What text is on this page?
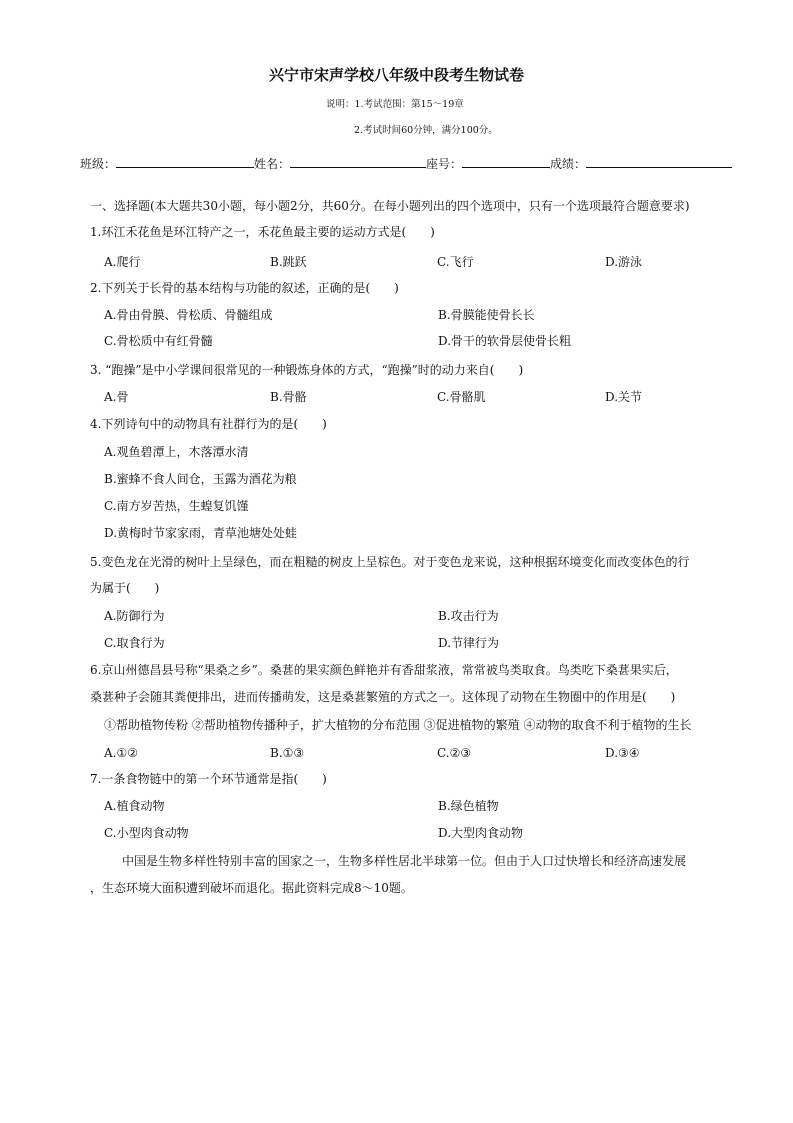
兴宁市宋声学校八年级中段考生物试卷
说明：1.考试范围：第15～19章
2.考试时间60分钟，满分100分。
班级：	姓名：	座号：	成绩：
一、选择题(本大题共30小题，每小题2分，共60分。在每小题列出的四个选项中，只有一个选项最符合题意要求)
1.环江禾花鱼是环江特产之一，禾花鱼最主要的运动方式是(　　)
A.爬行	B.跳跃	C.飞行	D.游泳
2.下列关于长骨的基本结构与功能的叙述，正确的是(　　)
A.骨由骨膜、骨松质、骨髓组成	B.骨膜能使骨长长
C.骨松质中有红骨髓	D.骨干的软骨层使骨长粗
3. “跑操”是中小学课间很常见的一种锻炼身体的方式，“跑操”时的动力来自(　　)
A.骨	B.骨骼	C.骨骼肌	D.关节
4.下列诗句中的动物具有社群行为的是(　　)
A.观鱼碧潭上，木落潭水清
B.蜜蜂不食人间仓，玉露为酒花为粮
C.南方岁苦热，生蝗复饥馑
D.黄梅时节家家雨，青草池塘处处蛙
5.变色龙在光滑的树叶上呈绿色，而在粗糙的树皮上呈棕色。对于变色龙来说，这种根据环境变化而改变体色的行
为属于(　　)
A.防御行为	B.攻击行为
C.取食行为	D.节律行为
6.京山州德昌县号称“果桑之乡”。桑葚的果实颜色鲜艳并有香甜浆液，常常被鸟类取食。鸟类吃下桑葚果实后，
桑葚种子会随其粪便排出，进而传播萌发，这是桑葚繁殖的方式之一。这体现了动物在生物圈中的作用是(　　)
①帮助植物传粉 ②帮助植物传播种子，扩大植物的分布范围 ③促进植物的繁殖 ④动物的取食不利于植物的生长
A.①②	B.①③	C.②③	D.③④
7.一条食物链中的第一个环节通常是指(　　)
A.植食动物	B.绿色植物
C.小型肉食动物	D.大型肉食动物
中国是生物多样性特别丰富的国家之一，生物多样性居北半球第一位。但由于人口过快增长和经济高速发展
，生态环境大面积遭到破坏而退化。据此资料完成8～10题。
